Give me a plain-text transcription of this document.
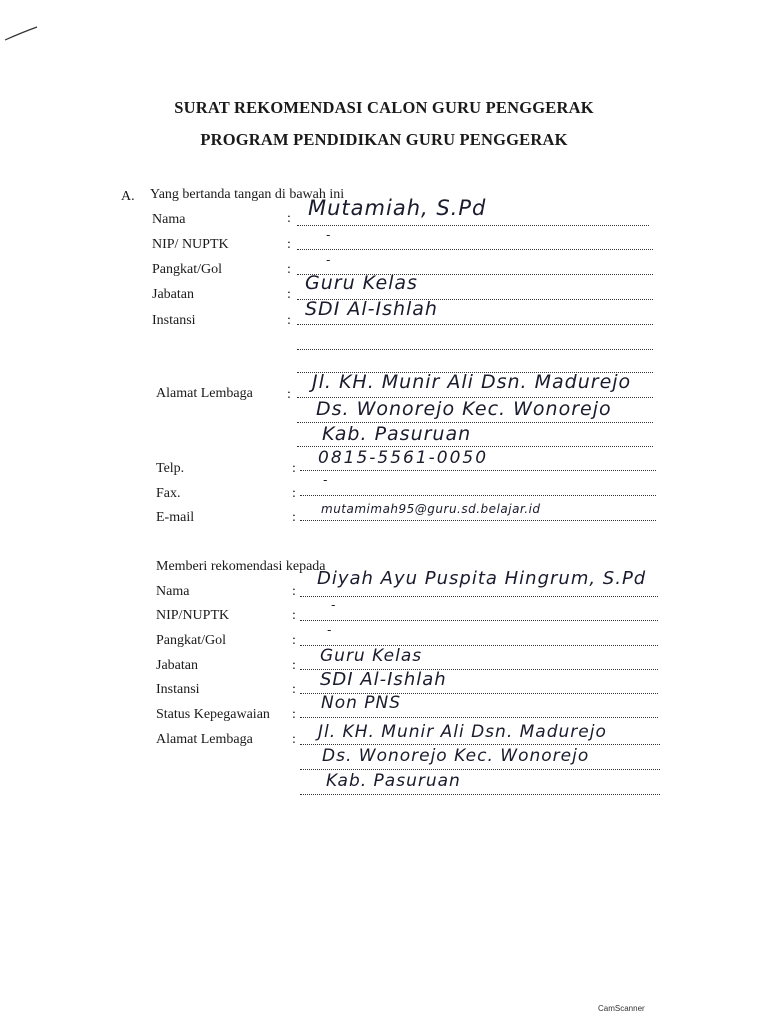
SURAT REKOMENDASI CALON GURU PENGGERAK
PROGRAM PENDIDIKAN GURU PENGGERAK
A. Yang bertanda tangan di bawah ini
Nama	: Mutamiah, S.Pd
NIP/ NUPTK	:
-
Pangkat/Gol	:
-
Jabatan	:
Guru Kelas
Instansi	:
SDI Al-Ishlah
Alamat Lembaga :
Jl. KH. Munir Ali Dsn. Madurejo
Ds. Wonorejo Kec. Wonorejo
Kab. Pasuruan
Telp.	:
0815-5561-0050
Fax.	:
-
E-mail	:
mutamimah95@guru.sd.belajar.id
Memberi rekomendasi kepada
Nama	:
Diyah Ayu Puspita Hingrum, S.Pd
NIP/NUPTK	:
-
Pangkat/Gol	:
-
Jabatan	: Guru Kelas
Instansi	: SDI Al-Ishlah
Status Kepegawaian :
Non PNS
Alamat Lembaga	: Jl. KH. Munir Ali Dsn. Madurejo
Ds. Wonorejo Kec. Wonorejo
Kab. Pasuruan
CamScanner
